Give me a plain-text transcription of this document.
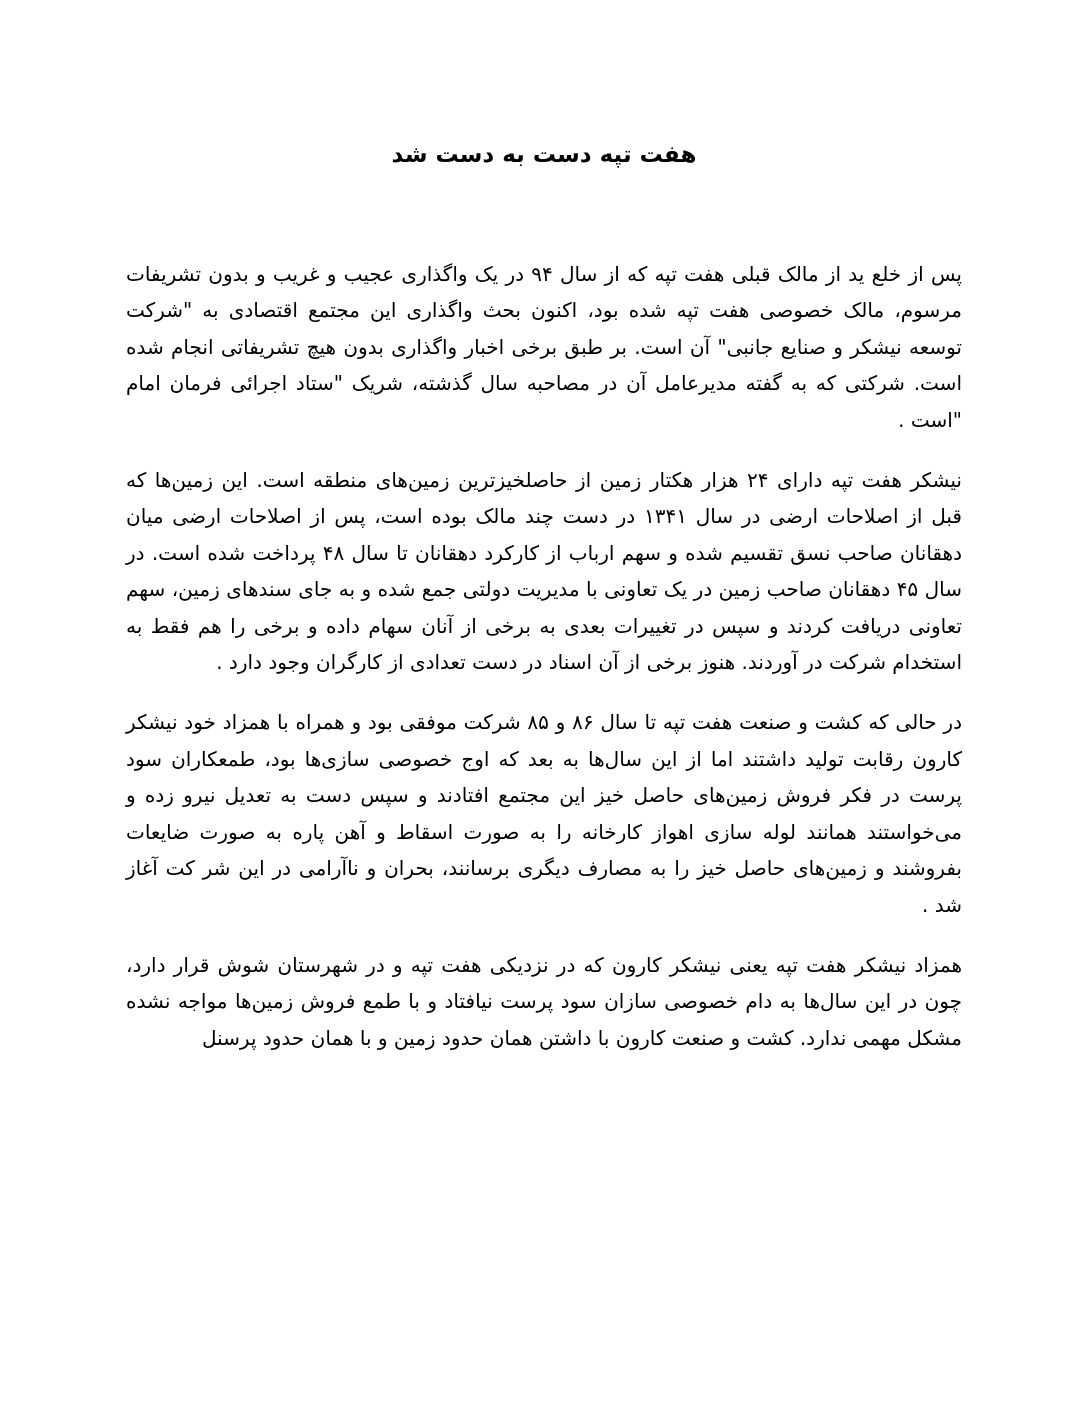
هفت تپه دست به دست شد

پس از خلع ید از مالک قبلی هفت تپه که از سال ۹۴ در یک واگذاری عجیب و غریب و بدون تشریفات مرسوم، مالک خصوصی هفت تپه شده بود، اکنون بحث واگذاری این مجتمع اقتصادی به "شرکت توسعه نیشکر و صنایع جانبی" آن است. بر طبق برخی اخبار واگذاری بدون هیچ تشریفاتی انجام شده است. شرکتی که به گفته مدیرعامل آن در مصاحبه سال گذشته، شریک "ستاد اجرائی فرمان امام "است .

نیشکر هفت تپه دارای ۲۴ هزار هکتار زمین از حاصلخیزترین زمین‌های منطقه است. این زمین‌ها که قبل از اصلاحات ارضی در سال ۱۳۴۱ در دست چند مالک بوده است، پس از اصلاحات ارضی میان دهقانان صاحب نسق تقسیم شده و سهم ارباب از کارکرد دهقانان تا سال ۴۸ پرداخت شده است. در سال ۴۵ دهقانان صاحب زمین در یک تعاونی با مدیریت دولتی جمع شده و به جای سندهای زمین، سهم تعاونی دریافت کردند و سپس در تغییرات بعدی به برخی از آنان سهام داده و برخی را هم فقط به استخدام شرکت در آوردند. هنوز برخی از آن اسناد در دست تعدادی از کارگران وجود دارد .

در حالی که کشت و صنعت هفت تپه تا سال ۸۶ و ۸۵ شرکت موفقی بود و همراه با همزاد خود نیشکر کارون رقابت تولید داشتند اما از این سال‌ها به بعد که اوج خصوصی سازی‌ها بود، طمعکاران سود پرست در فکر فروش زمین‌های حاصل خیز این مجتمع افتادند و سپس دست به تعدیل نیرو زده و می‌خواستند همانند لوله سازی اهواز کارخانه را به صورت اسقاط و آهن پاره به صورت ضایعات بفروشند و زمین‌های حاصل خیز را به مصارف دیگری برسانند، بحران و ناآرامی در این شر کت آغاز شد .

همزاد نیشکر هفت تپه یعنی نیشکر کارون که در نزدیکی هفت تپه و در شهرستان شوش قرار دارد، چون در این سال‌ها به دام خصوصی سازان سود پرست نیافتاد و با طمع فروش زمین‌ها مواجه نشده مشکل مهمی ندارد. کشت و صنعت کارون با داشتن همان حدود زمین و با همان حدود پرسنل
